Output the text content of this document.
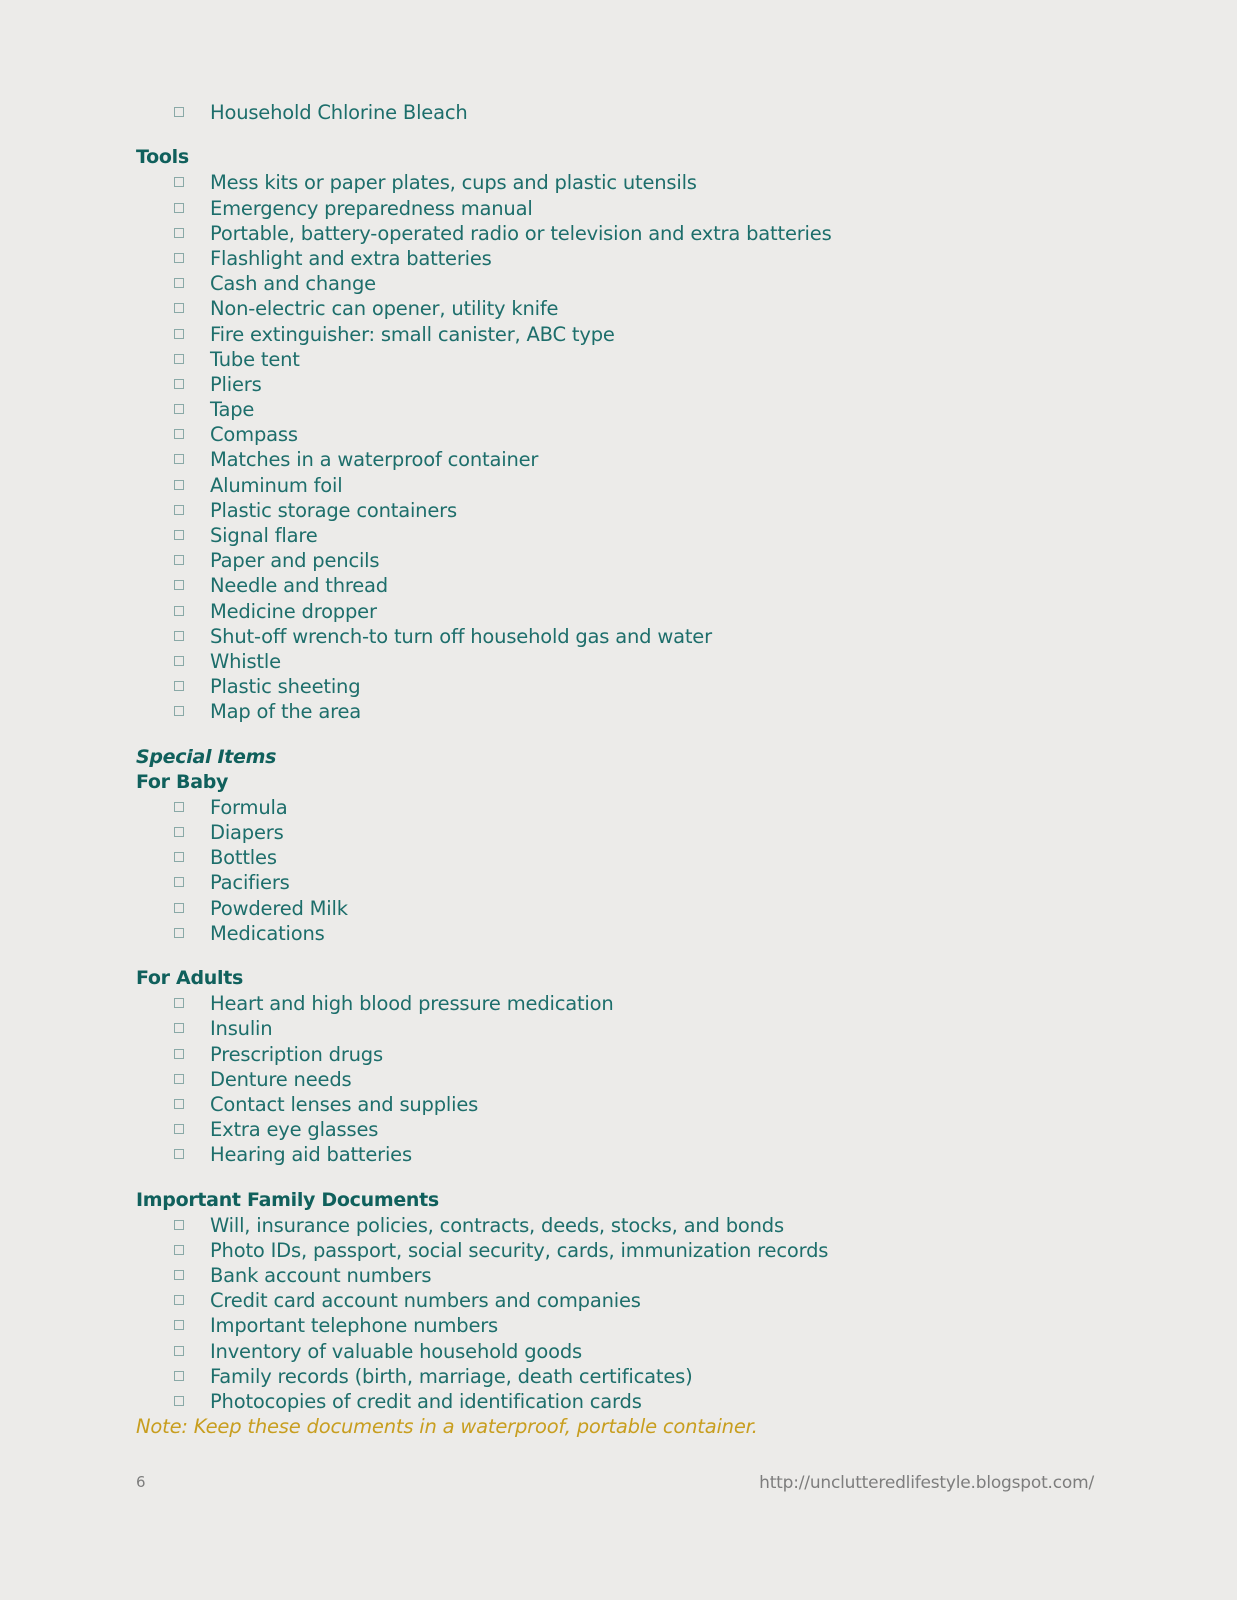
Household Chlorine Bleach
Tools
Mess kits or paper plates, cups and plastic utensils
Emergency preparedness manual
Portable, battery-operated radio or television and extra batteries
Flashlight and extra batteries
Cash and change
Non-electric can opener, utility knife
Fire extinguisher: small canister, ABC type
Tube tent
Pliers
Tape
Compass
Matches in a waterproof container
Aluminum foil
Plastic storage containers
Signal flare
Paper and pencils
Needle and thread
Medicine dropper
Shut-off wrench-to turn off household gas and water
Whistle
Plastic sheeting
Map of the area
Special Items
For Baby
Formula
Diapers
Bottles
Pacifiers
Powdered Milk
Medications
For Adults
Heart and high blood pressure medication
Insulin
Prescription drugs
Denture needs
Contact lenses and supplies
Extra eye glasses
Hearing aid batteries
Important Family Documents
Will, insurance policies, contracts, deeds, stocks, and bonds
Photo IDs, passport, social security, cards, immunization records
Bank account numbers
Credit card account numbers and companies
Important telephone numbers
Inventory of valuable household goods
Family records (birth, marriage, death certificates)
Photocopies of credit and identification cards
Note: Keep these documents in a waterproof, portable container.
6	http://unclutteredlifestyle.blogspot.com/
